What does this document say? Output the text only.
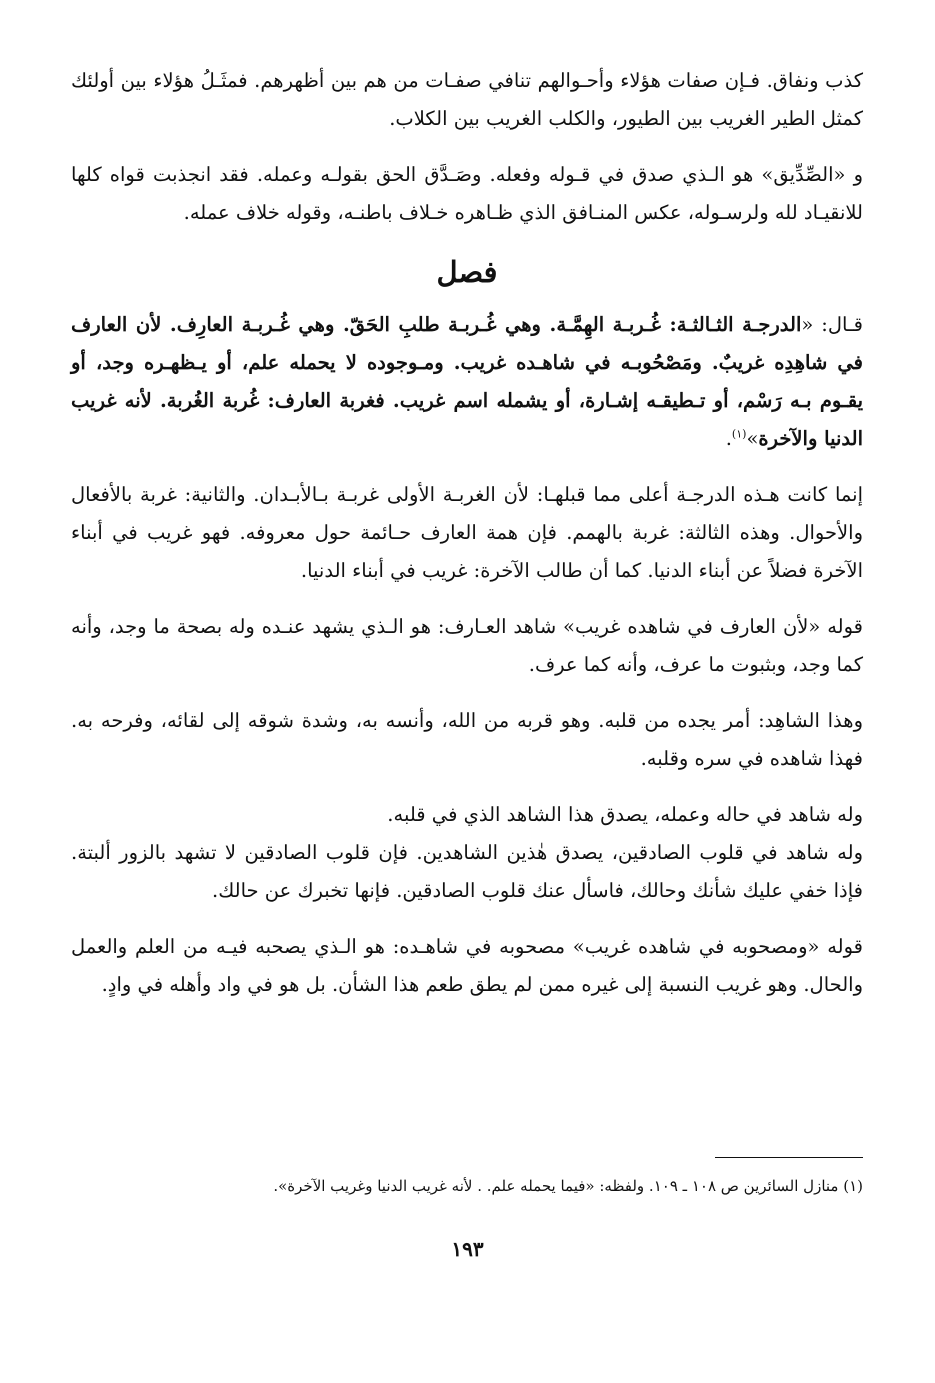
كذب ونفاق. فـإن صفات هؤلاء وأحـوالهم تنافي صفـات من هم بين أظهرهم. فمثَـلُ هؤلاء بين أولئك كمثل الطير الغريب بين الطيور، والكلب الغريب بين الكلاب.

و «الصِّدِّيق» هو الـذي صدق في قـوله وفعله. وصَـدَّق الحق بقولـه وعمله. فقد انجذبت قواه كلها للانقيـاد لله ولرسـوله، عكس المنـافق الذي ظـاهره خـلاف باطنـه، وقوله خلاف عمله.

فصل

قـال: «الدرجـة الثـالثـة: غُـربـة الهِمَّـة. وهي غُـربـة طلبِ الحَقّ. وهي غُـربـة العارِف. لأن العارف في شاهِدِه غريبٌ. ومَصْحُوبـه في شاهـده غريب. ومـوجوده لا يحمله علم، أو يـظهـره وجد، أو يقـوم بـه رَسْم، أو تـطيقـه إشـارة، أو يشمله اسم غريب. فغربة العارف: غُربة الغُربة. لأنه غريب الدنيا والآخرة»$^{(١)}$.

إنما كانت هـذه الدرجـة أعلى مما قبلهـا: لأن الغربـة الأولى غربـة بـالأبـدان. والثانية: غربة بالأفعال والأحوال. وهذه الثالثة: غربة بالهمم. فإن همة العارف حـائمة حول معروفه. فهو غريب في أبناء الآخرة فضلاً عن أبناء الدنيا. كما أن طالب الآخرة: غريب في أبناء الدنيا.

قوله «لأن العارف في شاهده غريب» شاهد العـارف: هو الـذي يشهد عنـده وله بصحة ما وجد، وأنه كما وجد، وبثبوت ما عرف، وأنه كما عرف.

وهذا الشاهِد: أمر يجده من قلبه. وهو قربه من الله، وأنسه به، وشدة شوقه إلى لقائه، وفرحه به. فهذا شاهده في سره وقلبه.

وله شاهد في حاله وعمله، يصدق هذا الشاهد الذي في قلبه.

وله شاهد في قلوب الصادقين، يصدق هٰذين الشاهدين. فإن قلوب الصادقين لا تشهد بالزور ألبتة. فإذا خفي عليك شأنك وحالك، فاسأل عنك قلوب الصادقين. فإنها تخبرك عن حالك.

قوله «ومصحوبه في شاهده غريب» مصحوبه في شاهـده: هو الـذي يصحبه فيـه من العلم والعمل والحال. وهو غريب النسبة إلى غيره ممن لم يطق طعم هذا الشأن. بل هو في واد وأهله في وادٍ.

(١) منازل السائرين ص ١٠٨ ـ ١٠٩. ولفظه: «فيما يحمله علم. . لأنه غريب الدنيا وغريب الآخرة».
١٩٣
